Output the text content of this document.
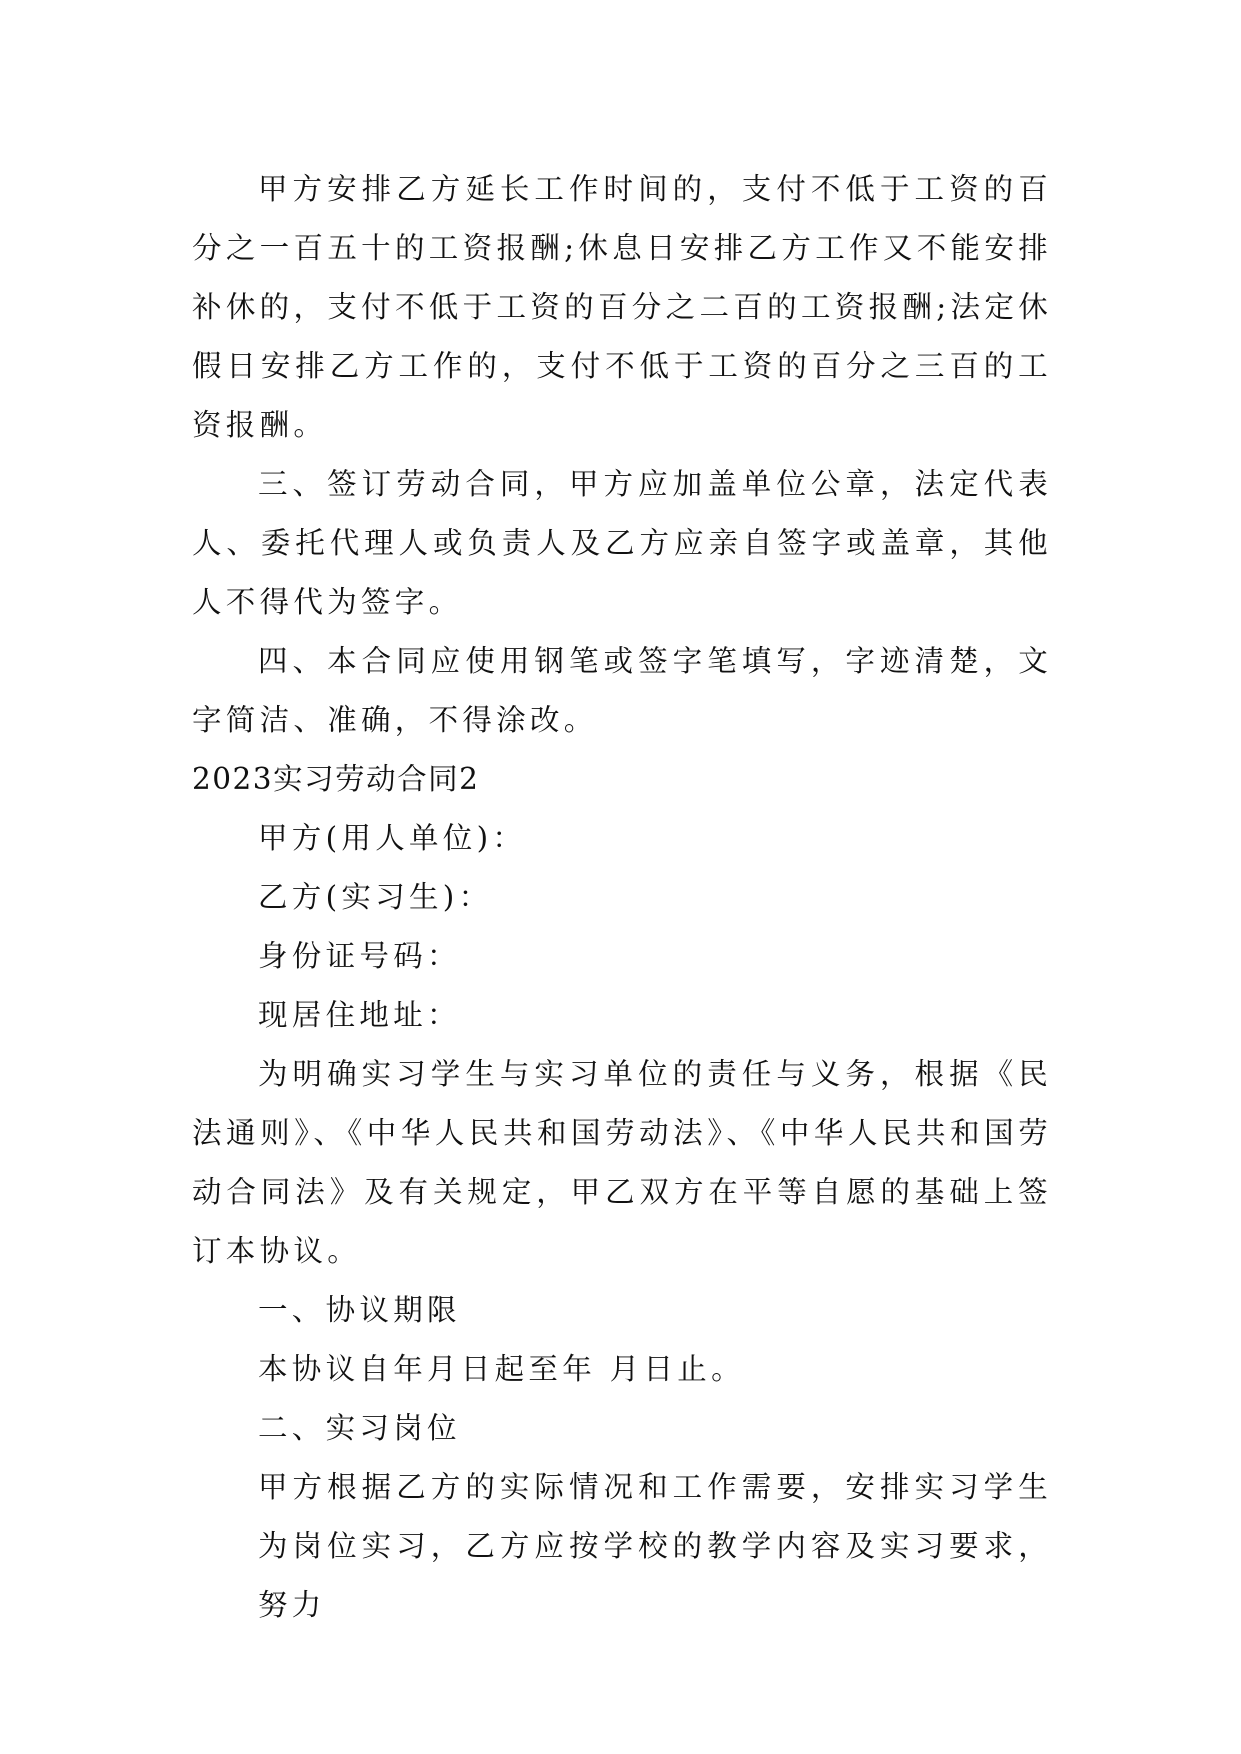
甲方安排乙方延长工作时间的，支付不低于工资的百分之一百五十的工资报酬;休息日安排乙方工作又不能安排补休的，支付不低于工资的百分之二百的工资报酬;法定休假日安排乙方工作的，支付不低于工资的百分之三百的工资报酬。

三、签订劳动合同，甲方应加盖单位公章，法定代表人、委托代理人或负责人及乙方应亲自签字或盖章，其他人不得代为签字。

四、本合同应使用钢笔或签字笔填写，字迹清楚，文字简洁、准确，不得涂改。

2023实习劳动合同2

甲方(用人单位)：

乙方(实习生)：

身份证号码：

现居住地址：

为明确实习学生与实习单位的责任与义务，根据《民法通则》、《中华人民共和国劳动法》、《中华人民共和国劳动合同法》及有关规定，甲乙双方在平等自愿的基础上签订本协议。

一、协议期限

本协议自年月日起至年 月日止。

二、实习岗位

甲方根据乙方的实际情况和工作需要，安排实习学生为岗位实习，乙方应按学校的教学内容及实习要求，努力
